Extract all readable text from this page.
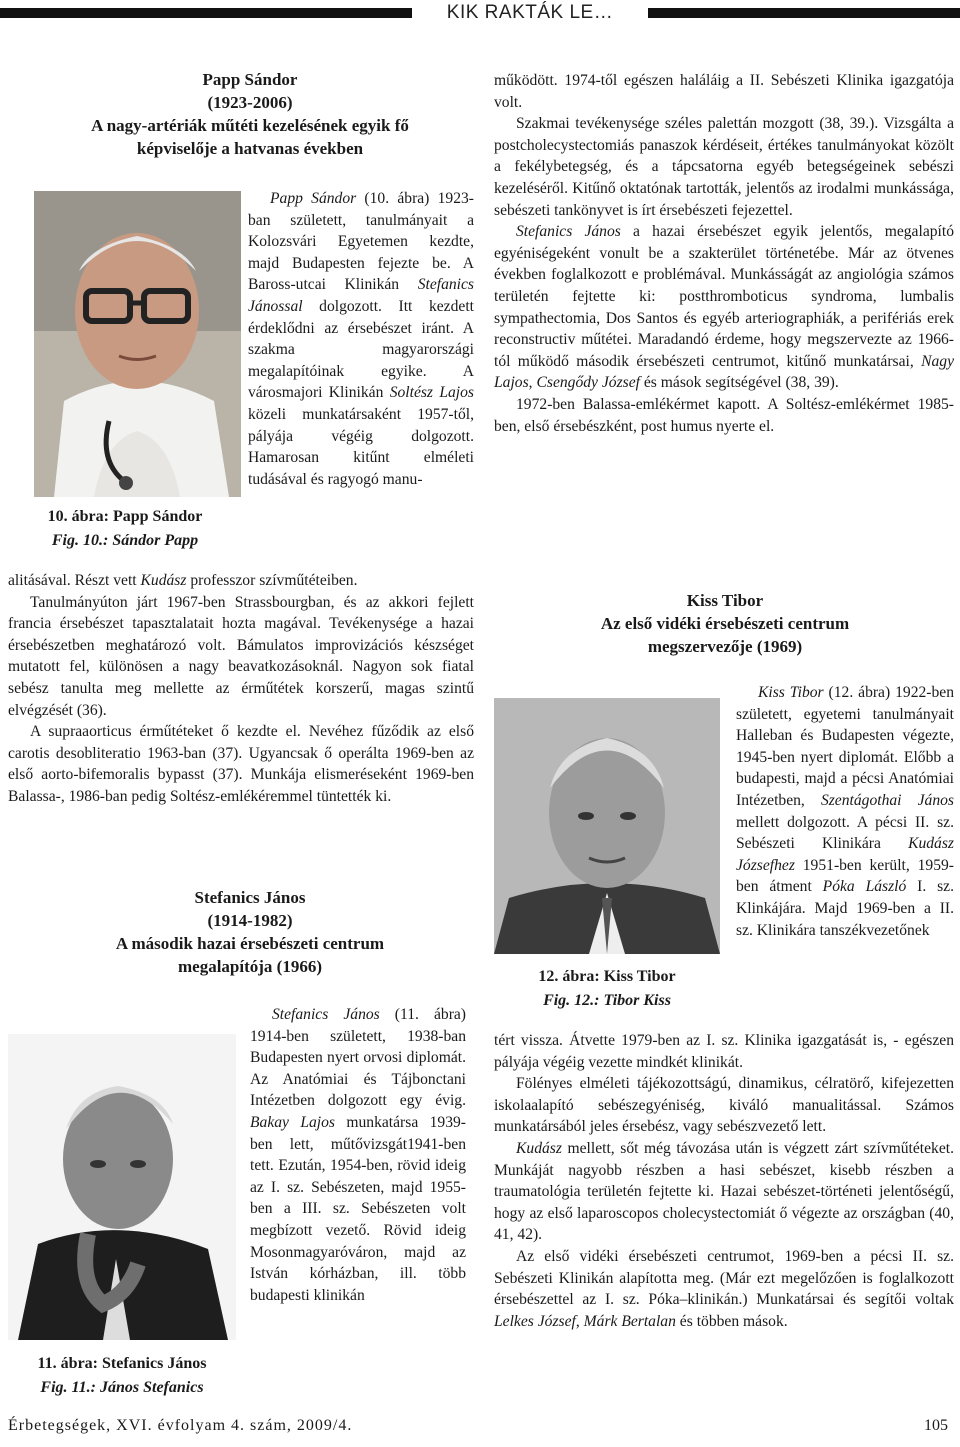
KIK RAKTÁK LE…
Papp Sándor
(1923-2006)
A nagy-artériák műtéti kezelésének egyik fő
képviselője a hatvanas években
10. ábra: Papp Sándor
Fig. 10.: Sándor Papp

Papp Sándor (10. ábra) 1923-ban született, tanulmányait a Kolozsvári Egyetemen kezdte, majd Budapesten fejezte be. A Baross-utcai Klinikán Stefanics Jánossal dolgozott. Itt kezdett érdeklődni az érsebészet iránt. A szakma magyarországi megalapítóinak egyike. A városmajori Klinikán Soltész Lajos közeli munkatársaként 1957-től, pályája végéig dolgozott. Hamarosan kitűnt elméleti tudásával és ragyogó manu-

alitásával. Részt vett Kudász professzor szívműtéteiben.

Tanulmányúton járt 1967-ben Strassbourgban, és az akkori fejlett francia érsebészet tapasztalatait hozta magával. Tevékenysége a hazai érsebészetben meghatározó volt. Bámulatos improvizációs készséget mutatott fel, különösen a nagy beavatkozásoknál. Nagyon sok fiatal sebész tanulta meg mellette az érműtétek korszerű, magas szintű elvégzését (36).

A supraaorticus érműtéteket ő kezdte el. Nevéhez fűződik az első carotis desobliteratio 1963-ban (37). Ugyancsak ő operálta 1969-ben az első aorto-bifemoralis bypasst (37). Munkája elismeréseként 1969-ben Balassa-, 1986-ban pedig Soltész-emlékéremmel tüntették ki.

Stefanics János
(1914-1982)
A második hazai érsebészeti centrum
megalapítója (1966)
11. ábra: Stefanics János
Fig. 11.: János Stefanics

Stefanics János (11. ábra) 1914-ben született, 1938-ban Budapesten nyert orvosi diplomát. Az Anatómiai és Tájbonctani Intézetben dolgozott egy évig. Bakay Lajos munkatársa 1939-ben lett, műtővizsgát1941-ben tett. Ezután, 1954-ben, rövid ideig az I. sz. Sebészeten, majd 1955-ben a III. sz. Sebészeten volt megbízott vezető. Rövid ideig Mosonmagyaróváron, majd az István kórházban, ill. több budapesti klinikán

működött. 1974-től egészen haláláig a II. Sebészeti Klinika igazgatója volt.

Szakmai tevékenysége széles palettán mozgott (38, 39.). Vizsgálta a postcholecystectomiás panaszok kérdéseit, értékes tanulmányokat közölt a fekélybetegség, és a tápcsatorna egyéb betegségeinek sebészi kezeléséről. Kitűnő oktatónak tartották, jelentős az irodalmi munkássága, sebészeti tankönyvet is írt érsebészeti fejezettel.

Stefanics János a hazai érsebészet egyik jelentős, megalapító egyéniségeként vonult be a szakterület történetébe. Már az ötvenes években foglalkozott e problémával. Munkásságát az angiológia számos területén fejtette ki: postthromboticus syndroma, lumbalis sympathectomia, Dos Santos és egyéb arteriographiák, a perifériás erek reconstructiv műtétei. Maradandó érdeme, hogy megszervezte az 1966-tól működő második érsebészeti centrumot, kitűnő munkatársai, Nagy Lajos, Csengődy József és mások segítségével (38, 39).

1972-ben Balassa-emlékérmet kapott. A Soltész-emlékérmet 1985-ben, első érsebészként, post humus nyerte el.

Kiss Tibor
Az első vidéki érsebészeti centrum
megszervezője (1969)
12. ábra: Kiss Tibor
Fig. 12.: Tibor Kiss

Kiss Tibor (12. ábra) 1922-ben született, egyetemi tanulmányait Halleban és Budapesten végezte, 1945-ben nyert diplomát. Előbb a budapesti, majd a pécsi Anatómiai Intézetben, Szentágothai János mellett dolgozott. A pécsi II. sz. Sebészeti Klinikára Kudász Józsefhez 1951-ben került, 1959-ben átment Póka László I. sz. Klinkájára. Majd 1969-ben a II. sz. Klinikára tanszékvezetőnek

tért vissza. Átvette 1979-ben az I. sz. Klinika igazgatását is, - egészen pályája végéig vezette mindkét klinikát.

Fölényes elméleti tájékozottságú, dinamikus, célratörő, kifejezetten iskolaalapító sebészegyéniség, kiváló manualitással. Számos munkatársából jeles érsebész, vagy sebészvezető lett.

Kudász mellett, sőt még távozása után is végzett zárt szívműtéteket. Munkáját nagyobb részben a hasi sebészet, kisebb részben a traumatológia területén fejtette ki. Hazai sebészet-történeti jelentőségű, hogy az első laparoscopos cholecystectomiát ő végezte az országban (40, 41, 42).

Az első vidéki érsebészeti centrumot, 1969-ben a pécsi II. sz. Sebészeti Klinikán alapította meg. (Már ezt megelőzően is foglalkozott érsebészettel az I. sz. Póka–klinikán.) Munkatársai és segítői voltak Lelkes József, Márk Bertalan és többen mások.

Érbetegségek, XVI. évfolyam 4. szám, 2009/4.	105
